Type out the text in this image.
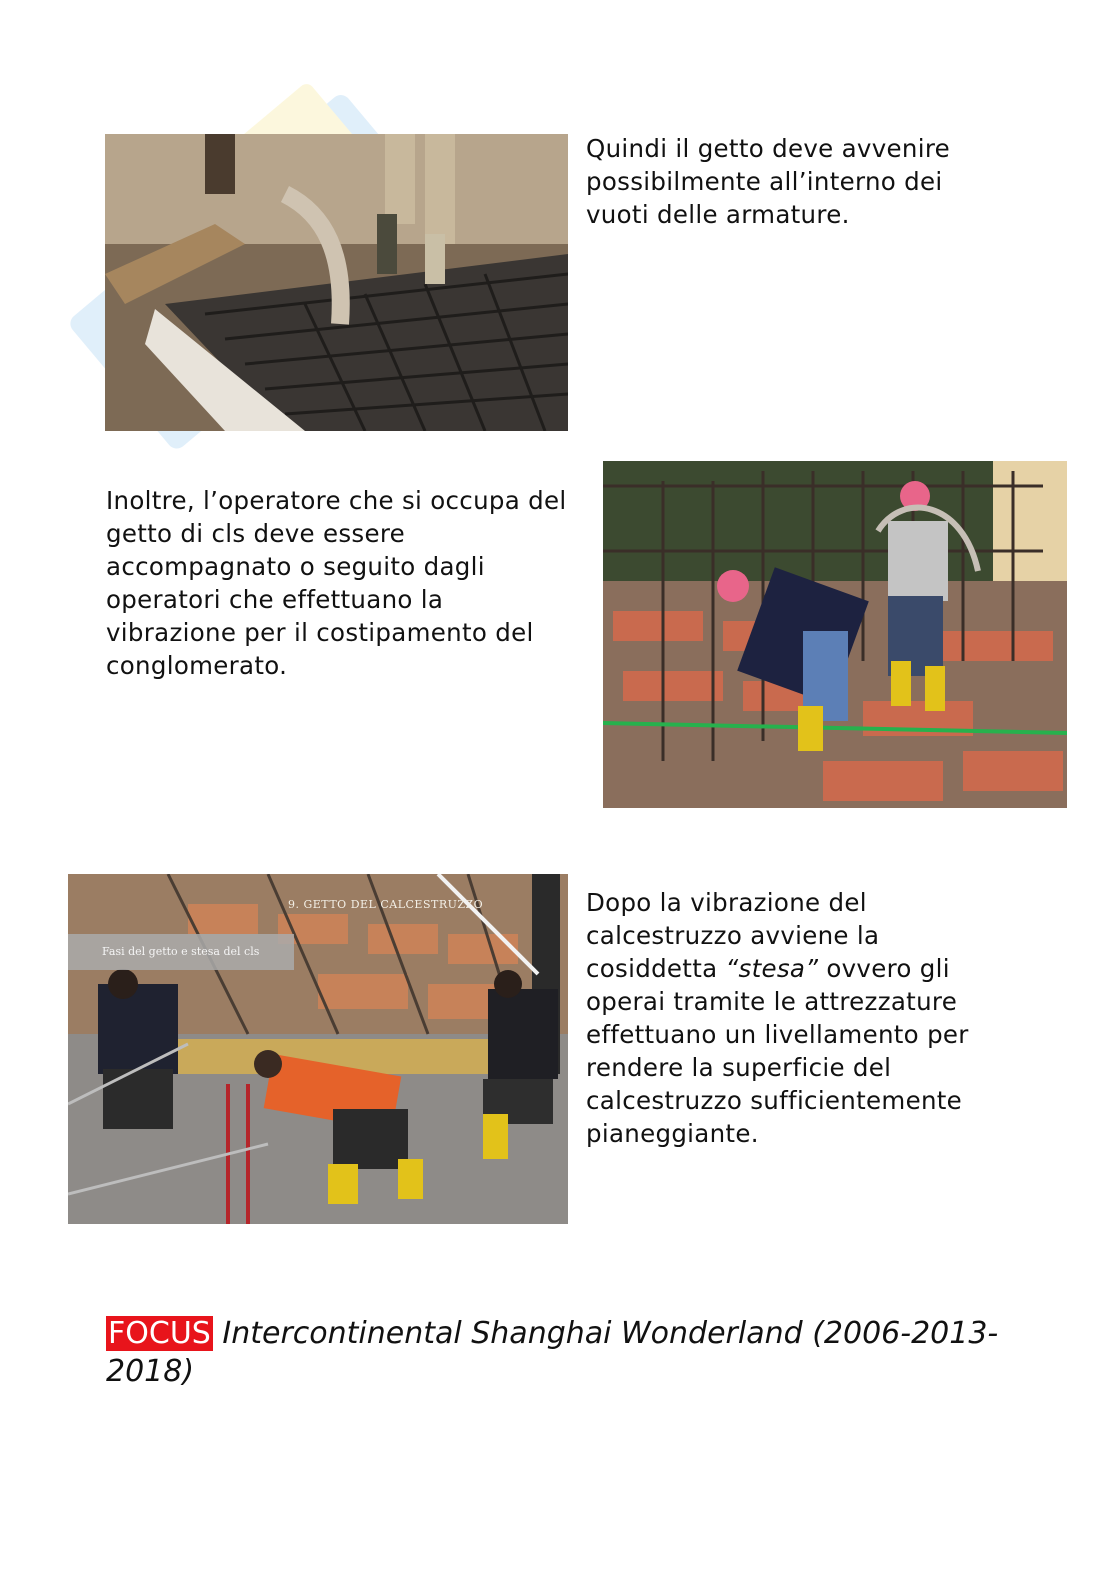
Quindi il getto deve avvenire
possibilmente all’interno dei
vuoti delle armature.
Inoltre, l’operatore che si occupa del
getto di cls deve essere
accompagnato o seguito dagli
operatori che effettuano la
vibrazione per il costipamento del
conglomerato.
9. GETTO DEL CALCESTRUZZO
Fasi del getto e stesa del cls
Dopo la vibrazione del
calcestruzzo avviene la
cosiddetta “stesa” ovvero gli
operai tramite le attrezzature
effettuano un livellamento per
rendere la superficie del
calcestruzzo sufficientemente
pianeggiante.
FOCUS Intercontinental Shanghai Wonderland (2006-2013-2018)
